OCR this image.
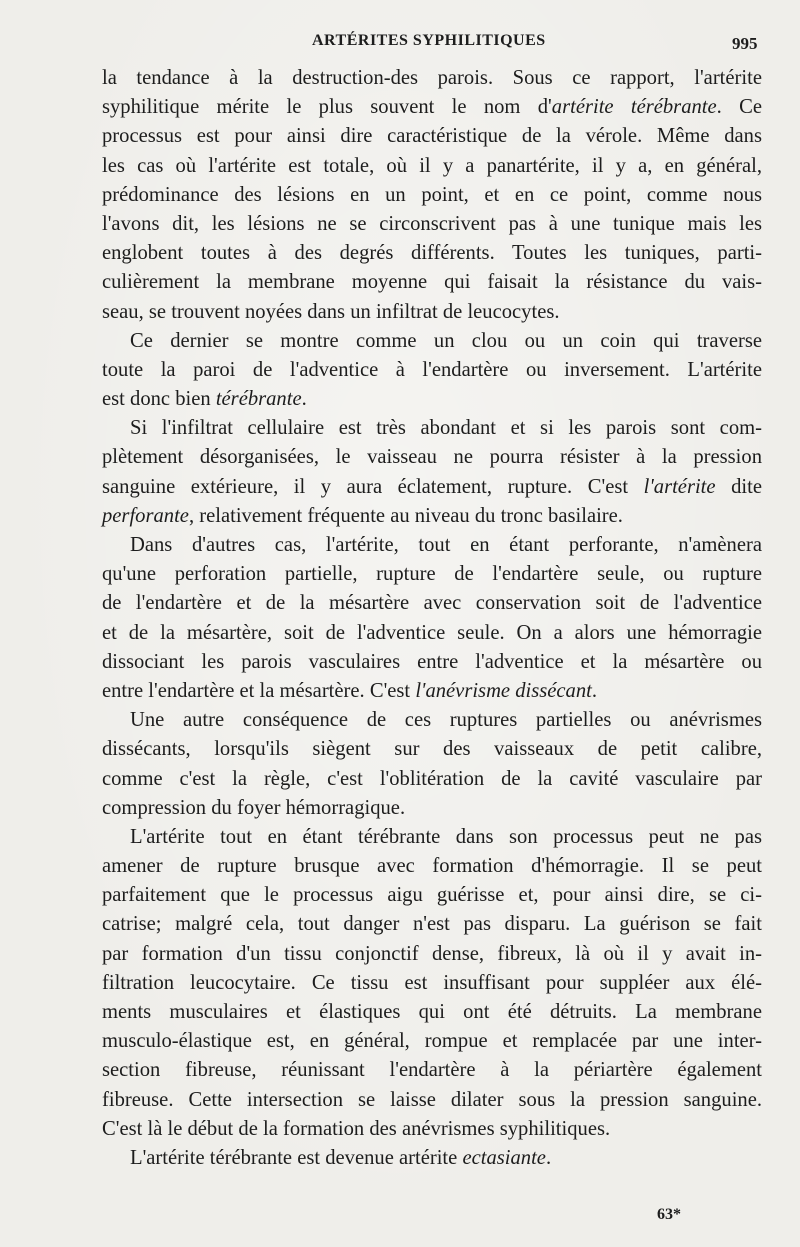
ARTÉRITES SYPHILITIQUES	995
la tendance à la destruction-des parois. Sous ce rapport, l'artérite
syphilitique mérite le plus souvent le nom d'artérite térébrante. Ce
processus est pour ainsi dire caractéristique de la vérole. Même dans
les cas où l'artérite est totale, où il y a panartérite, il y a, en général,
prédominance des lésions en un point, et en ce point, comme nous
l'avons dit, les lésions ne se circonscrivent pas à une tunique mais les
englobent toutes à des degrés différents. Toutes les tuniques, parti-
culièrement la membrane moyenne qui faisait la résistance du vais-
seau, se trouvent noyées dans un infiltrat de leucocytes.
Ce dernier se montre comme un clou ou un coin qui traverse
toute la paroi de l'adventice à l'endartère ou inversement. L'artérite
est donc bien térébrante.
Si l'infiltrat cellulaire est très abondant et si les parois sont com-
plètement désorganisées, le vaisseau ne pourra résister à la pression
sanguine extérieure, il y aura éclatement, rupture. C'est l'artérite dite
perforante, relativement fréquente au niveau du tronc basilaire.
Dans d'autres cas, l'artérite, tout en étant perforante, n'amènera
qu'une perforation partielle, rupture de l'endartère seule, ou rupture
de l'endartère et de la mésartère avec conservation soit de l'adventice
et de la mésartère, soit de l'adventice seule. On a alors une hémorragie
dissociant les parois vasculaires entre l'adventice et la mésartère ou
entre l'endartère et la mésartère. C'est l'anévrisme dissécant.
Une autre conséquence de ces ruptures partielles ou anévrismes
dissécants, lorsqu'ils siègent sur des vaisseaux de petit calibre,
comme c'est la règle, c'est l'oblitération de la cavité vasculaire par
compression du foyer hémorragique.
L'artérite tout en étant térébrante dans son processus peut ne pas
amener de rupture brusque avec formation d'hémorragie. Il se peut
parfaitement que le processus aigu guérisse et, pour ainsi dire, se ci-
catrise; malgré cela, tout danger n'est pas disparu. La guérison se fait
par formation d'un tissu conjonctif dense, fibreux, là où il y avait in-
filtration leucocytaire. Ce tissu est insuffisant pour suppléer aux élé-
ments musculaires et élastiques qui ont été détruits. La membrane
musculo-élastique est, en général, rompue et remplacée par une inter-
section fibreuse, réunissant l'endartère à la périartère également
fibreuse. Cette intersection se laisse dilater sous la pression sanguine.
C'est là le début de la formation des anévrismes syphilitiques.
L'artérite térébrante est devenue artérite ectasiante.
63*
